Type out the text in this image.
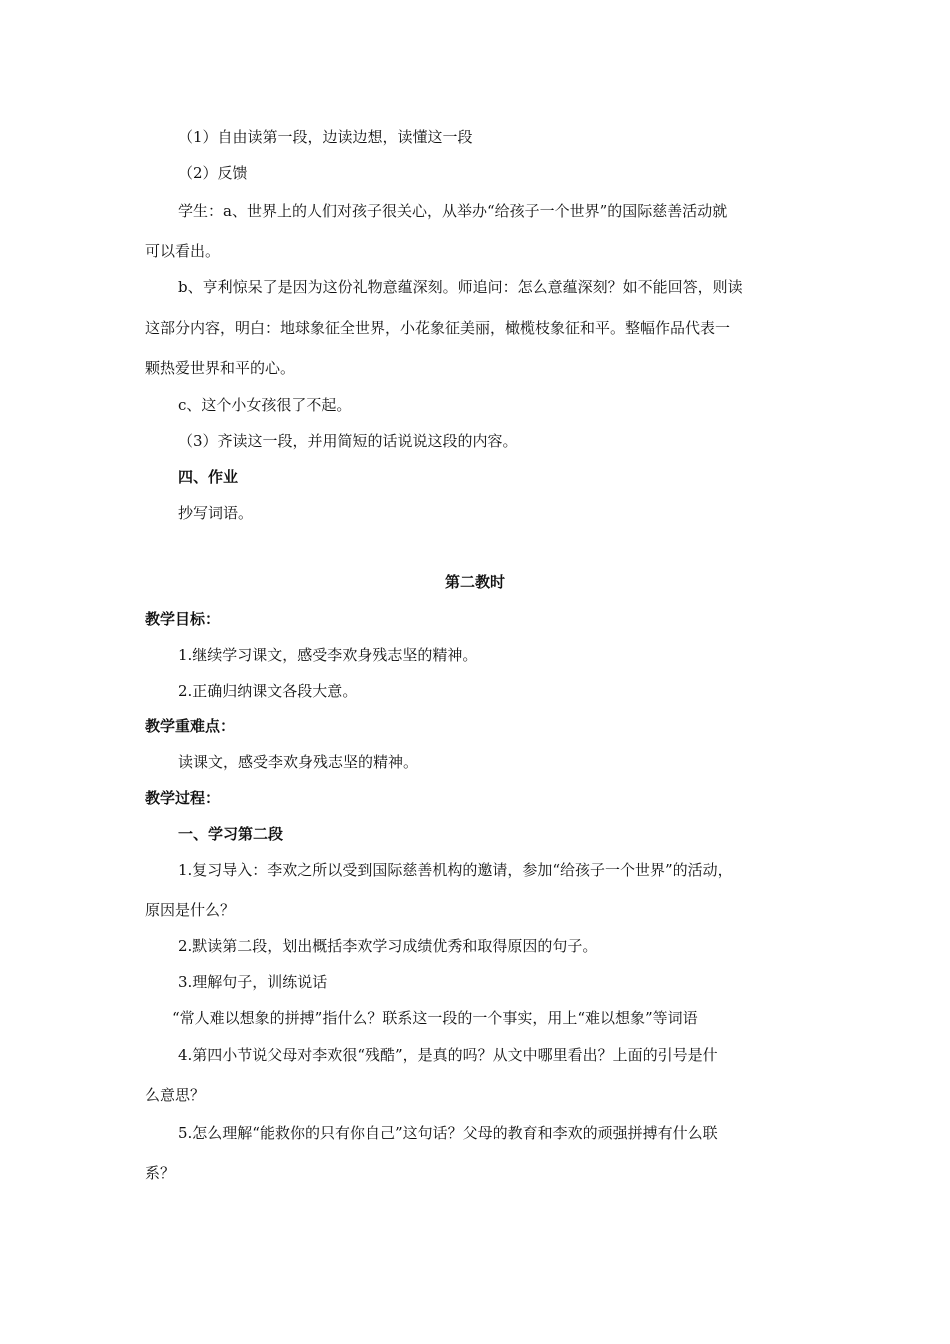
（1）自由读第一段，边读边想，读懂这一段
（2）反馈
学生：a、世界上的人们对孩子很关心，从举办“给孩子一个世界”的国际慈善活动就
可以看出。
b、亨利惊呆了是因为这份礼物意蕴深刻。师追问：怎么意蕴深刻？如不能回答，则读
这部分内容，明白：地球象征全世界，小花象征美丽，橄榄枝象征和平。整幅作品代表一
颗热爱世界和平的心。
c、这个小女孩很了不起。
（3）齐读这一段，并用简短的话说说这段的内容。
四、作业
抄写词语。
第二教时
教学目标：
1.继续学习课文，感受李欢身残志坚的精神。
2.正确归纳课文各段大意。
教学重难点：
读课文，感受李欢身残志坚的精神。
教学过程：
一、学习第二段
1.复习导入：李欢之所以受到国际慈善机构的邀请，参加“给孩子一个世界”的活动，
原因是什么？
2.默读第二段，划出概括李欢学习成绩优秀和取得原因的句子。
3.理解句子，训练说话
“常人难以想象的拼搏”指什么？联系这一段的一个事实，用上“难以想象”等词语
4.第四小节说父母对李欢很“残酷”，是真的吗？从文中哪里看出？上面的引号是什
么意思？
5.怎么理解“能救你的只有你自己”这句话？父母的教育和李欢的顽强拼搏有什么联
系？
